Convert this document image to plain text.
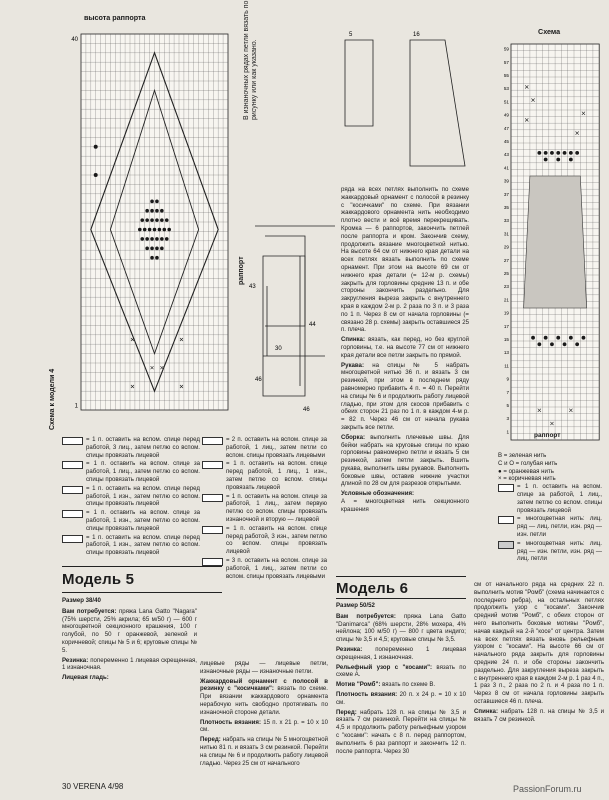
высота раппорта
40
1
Схема к модели 4
В изнаночных рядах петли вязать по рисунку или как указано.
раппорт
43
44
30
46
46
5	16	Схема
59
57
55
53
51
49
47
45
43
41
39
37
35
33
31
29
27
25
23
21
19
17
15
13
11
9
7
5
3
1
раппорт
= 1 п. оставить на вспом. спице перед работой, 3 лиц., затем петлю со вспом. спицы провязать лицевой
= 1 п. оставить на вспом. спице за работой, 1 лиц., затем петлю со вспом. спицы провязать лицевой
= 1 п. оставить на вспом. спице перед работой, 1 изн., затем петлю со вспом. спицы провязать лицевой
= 1 п. оставить на вспом. спице за работой, 1 изн., затем петлю со вспом. спицы провязать лицевой
= 1 п. оставить на вспом. спице перед работой, 1 изн., затем петлю со вспом. спицы провязать лицевой
= 2 п. оставить на вспом. спице за работой, 1 лиц., затем петли со вспом. спицы провязать лицевыми
= 1 п. оставить на вспом. спице перед работой, 1 лиц., 1 изн., затем петлю со вспом. спицы провязать лицевой
= 1 п. оставить на вспом. спице за работой, 1 лиц., затем первую петлю со вспом. спицы провязать изнаночной и вторую — лицевой
= 1 п. оставить на вспом. спице перед работой, 3 изн., затем петлю со вспом. спицы провязать лицевой
= 3 п. оставить на вспом. спице за работой, 1 лиц., затем петли со вспом. спицы провязать лицевыми

ряда на всех петлях выполнить по схеме жаккардовый орнамент с полосой в резинку с "косичками" по схеме. При вязании жаккардового орнамента нить необходимо плотно вести и всё время перекрещивать. Кромка — 6 раппортов, закончить петлей после раппорта и кром. Закончив схему, продолжить вязание многоцветной нитью. На высоте 64 см от нижнего края детали на всех петлях вязать выполнить по схеме орнамент. При этом на высоте 69 см от нижнего края детали (= 12-м р. схемы) закрыть для горловины средние 13 п. и обе стороны закончить раздельно. Для закругления выреза закрыть с внутреннего края в каждом 2-м р. 2 раза по 3 п. и 3 раза по 1 п. Через 8 см от начала горловины (= связано 28 р. схемы) закрыть оставшиеся 25 п. плеча.

Спинка: вязать, как перед, но без круглой горловины, т.е. на высоте 77 см от нижнего края детали все петли закрыть по прямой.

Рукава: на спицы № 5 набрать многоцветной нитью 36 п. и вязать 3 см резинкой, при этом в последнем ряду равномерно прибавить 4 п. = 40 п. Перейти на спицы № 6 и продолжить работу лицевой гладью, при этом для скосов прибавить с обеих сторон 21 раз по 1 п. в каждом 4-м р. = 82 п. Через 46 см от начала рукава закрыть все петли.

Сборка: выполнить плечевые швы. Для бейки набрать на круговые спицы по краю горловины равномерно петли и вязать 5 см резинкой, затем петли закрыть. Вшить рукава, выполнить швы рукавов. Выполнить боковые швы, оставив нижние участки длиной по 28 см для разрезов открытыми.

Условные обозначения:
А = многоцветная нить секционного крашения

В = зеленая нить
С и О = голубая нить
● = оранжевая нить
× = коричневая нить
= 1 п. оставить на вспом. спице за работой, 1 лиц., затем петлю со вспом. спицы провязать лицевой
= многоцветная нить: лиц. ряд — лиц. петли, изн. ряд — изн. петли
= многоцветная нить: лиц. ряд — изн. петли, изн. ряд — лиц. петли
Модель 5

Размер 38/40

Вам потребуется: пряжа Lana Gatto "Nagara" (75% шерсти, 25% акрила; 65 м/50 г) — 600 г многоцветной секционного крашения, 100 г голубой, по 50 г оранжевой, зеленой и коричневой; спицы № 5 и 6; круговые спицы № 5.

Резинка: попеременно 1 лицевая скрещенная, 1 изнаночная.

Лицевая гладь:

лицевые ряды — лицевые петли, изнаночные ряды — изнаночные петли.

Жаккардовый орнамент с полосой в резинку с "косичками": вязать по схеме. При вязании жаккардового орнамента нерабочую нить свободно протягивать по изнаночной стороне детали.

Плотность вязания: 15 п. х 21 р. = 10 х 10 см.

Перед: набрать на спицы № 5 многоцветной нитью 81 п. и вязать 3 см резинкой. Перейти на спицы № 6 и продолжить работу лицевой гладью. Через 25 см от начального

Модель 6

Размер 50/52

Вам потребуется: пряжа Lana Gatto "Danimarca" (68% шерсти, 28% мохера, 4% нейлона; 100 м/50 г) — 800 г цвета индиго; спицы № 3,5 и 4,5; круговые спицы № 3,5.

Резинка: попеременно 1 лицевая скрещенная, 1 изнаночная.

Рельефный узор с "косами": вязать по схеме А.

Мотив "Ромб": вязать по схеме В.

Плотность вязания: 20 п. х 24 р. = 10 х 10 см.

Перед: набрать 128 п. на спицы № 3,5 и вязать 7 см резинкой. Перейти на спицы № 4,5 и продолжить работу рельефным узором с "косами": начать с 8 п. перед раппортом, выполнить 6 раз раппорт и закончить 12 п. после раппорта. Через 30

см от начального ряда на средних 22 п. выполнить мотив "Ромб" (схема начинается с последнего ребра), на остальных петлях продолжить узор с "косами". Закончив средний мотив "Ромб", с обеих сторон от него выполнить боковые мотивы "Ромб", начав каждый на 2-й "косе" от центра. Затем на всех петлях вязать вновь рельефным узором с "косами". На высоте 66 см от начального ряда закрыть для горловины средние 24 п. и обе стороны закончить раздельно. Для закругления выреза закрыть с внутреннего края в каждом 2-м р. 1 раз 4 п., 1 раз 3 п., 2 раза по 2 п. и 4 раза по 1 п. Через 8 см от начала горловины закрыть оставшиеся 46 п. плеча.

Спинка: набрать 128 п. на спицы № 3,5 и вязать 7 см резинкой.

30 VERENA 4/98	PassionForum.ru
